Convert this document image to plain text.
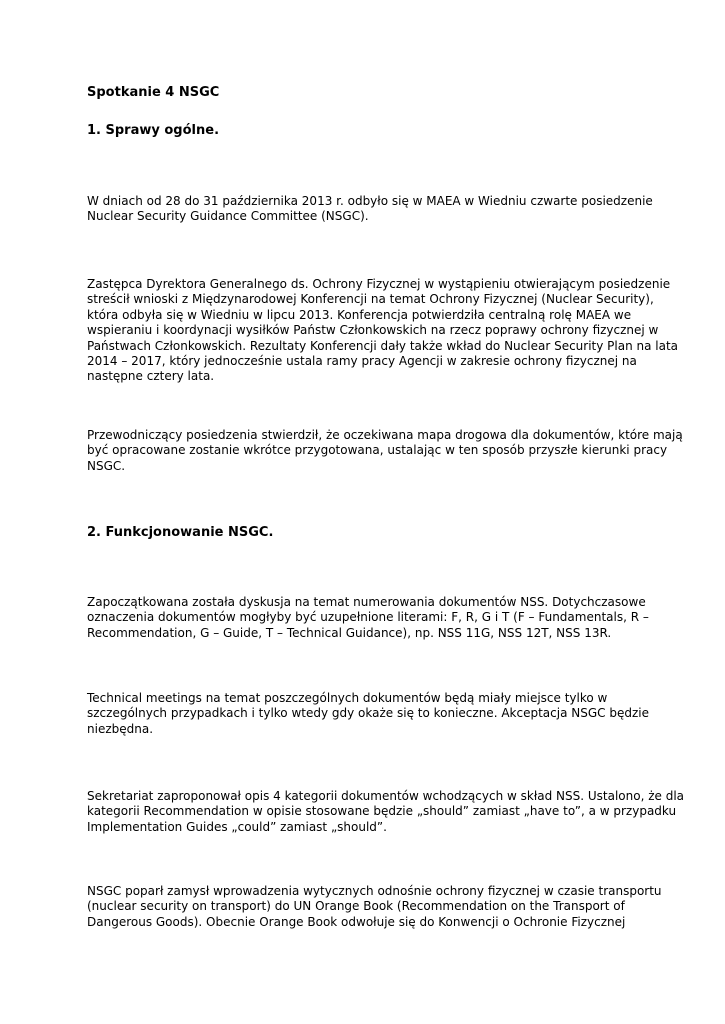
Spotkanie 4 NSGC
1. Sprawy ogólne.

W dniach od 28 do 31 października 2013 r. odbyło się w MAEA w Wiedniu czwarte posiedzenie
Nuclear Security Guidance Committee (NSGC).

Zastępca Dyrektora Generalnego ds. Ochrony Fizycznej w wystąpieniu otwierającym posiedzenie
streścił wnioski z Międzynarodowej Konferencji na temat Ochrony Fizycznej (Nuclear Security),
która odbyła się w Wiedniu w lipcu 2013. Konferencja potwierdziła centralną rolę MAEA we
wspieraniu i koordynacji wysiłków Państw Członkowskich na rzecz poprawy ochrony fizycznej w
Państwach Członkowskich. Rezultaty Konferencji dały także wkład do Nuclear Security Plan na lata
2014 – 2017, który jednocześnie ustala ramy pracy Agencji w zakresie ochrony fizycznej na
następne cztery lata.

Przewodniczący posiedzenia stwierdził, że oczekiwana mapa drogowa dla dokumentów, które mają
być opracowane zostanie wkrótce przygotowana, ustalając w ten sposób przyszłe kierunki pracy
NSGC.

2. Funkcjonowanie NSGC.

Zapoczątkowana została dyskusja na temat numerowania dokumentów NSS. Dotychczasowe
oznaczenia dokumentów mogłyby być uzupełnione literami: F, R, G i T (F – Fundamentals, R –
Recommendation, G – Guide, T – Technical Guidance), np. NSS 11G, NSS 12T, NSS 13R.

Technical meetings na temat poszczególnych dokumentów będą miały miejsce tylko w
szczególnych przypadkach i tylko wtedy gdy okaże się to konieczne. Akceptacja NSGC będzie
niezbędna.

Sekretariat zaproponował opis 4 kategorii dokumentów wchodzących w skład NSS. Ustalono, że dla
kategorii Recommendation w opisie stosowane będzie „should” zamiast „have to”, a w przypadku
Implementation Guides „could” zamiast „should”.

NSGC poparł zamysł wprowadzenia wytycznych odnośnie ochrony fizycznej w czasie transportu
(nuclear security on transport) do UN Orange Book (Recommendation on the Transport of
Dangerous Goods). Obecnie Orange Book odwołuje się do Konwencji o Ochronie Fizycznej
